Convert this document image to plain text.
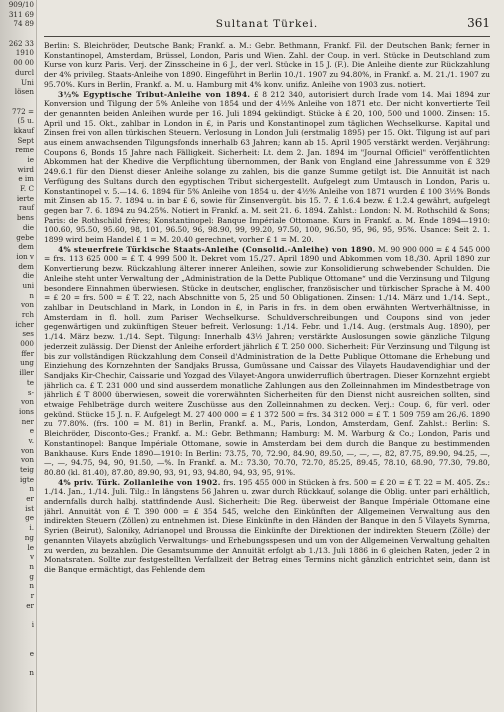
909/10
311 69
74 89
262 33
1910
00 00
durcl
Uni
lösen
772 =
(5 u.
kkauf
Sept
reme
ie
wird
e im
F. C
ierte
rauf
bens
die
gebe
dem
ion v
dem
die
uni
n
von
rch
icher
ses
000
ffer
ung
iller
te
s-
von
ions
ner
e
v.
von
von
teig
igte
n
er
ist
ge
i.
ng
le
v
n
g
n
r
er
i
e
n
Sultanat Türkei.	361

Berlin: S. Bleichröder, Deutsche Bank; Frankf. a. M.: Gebr. Bethmann, Frankf. Fil. der Deutschen Bank; ferner in Konstantinopel, Amsterdam, Brüssel, London, Paris und Wien. Zahl. der Coup. in verl. Stücke in Deutschland zum Kurse von kurz Paris. Verj. der Zinsscheine in 6 J., der verl. Stücke in 15 J. (F.). Die Anleihe diente zur Rückzahlung der 4% privileg. Staats-Anleihe von 1890. Eingeführt in Berlin 10./1. 1907 zu 94.80%, in Frankf. a. M. 21./1. 1907 zu 95.70%. Kurs in Berlin, Frankf. a. M. u. Hamburg mit 4% konv. unifiz. Anleihe von 1903 zus. notiert.

3½% Egyptische Tribut-Anleihe von 1894. £ 8 212 340, autorisiert durch Irade vom 14. Mai 1894 zur Konversion und Tilgung der 5% Anleihe von 1854 und der 4½% Anleihe von 1871 etc. Der nicht konvertierte Teil der genannten beiden Anleihen wurde per 16. Juli 1894 gekündigt. Stücke à £ 20, 100, 500 und 1000. Zinsen: 15. April und 15. Okt., zahlbar in London in £, in Paris und Konstantinopel zum täglichen Wechselkurse. Kapital und Zinsen frei von allen türkischen Steuern. Verlosung in London Juli (erstmalig 1895) per 15. Okt. Tilgung ist auf pari aus einem anwachsenden Tilgungsfonds innerhalb 63 Jahren; kann ab 15. April 1905 verstärkt werden. Verjährung: Coupons 6, Bonds 15 Jahre nach Fälligkeit. Sicherheit: Lt. dem 2. Jan. 1894 im "Journal Officiel" veröffentlichten Abkommen hat der Khedive die Verpflichtung übernommen, der Bank von England eine Jahressumme von £ 329 249.6.1 für den Dienst dieser Anleihe solange zu zahlen, bis die ganze Summe getilgt ist. Die Annuität ist nach Verfügung des Sultans durch den egyptischen Tribut sichergestellt. Aufgelegt zum Umtausch in London, Paris u. Konstantinopel v. 5.—14. 6. 1894 für 5% Anleihe von 1854 u. der 4½% Anleihe von 1871 wurden £ 100 3½% Bonds mit Zinsen ab 15. 7. 1894 u. in bar £ 6, sowie für Zinsenvergüt. bis 15. 7. £ 1.6.4 bezw. £ 1.2.4 gewährt, aufgelegt gegen bar 7. 6. 1894 zu 94.25%. Notiert in Frankf. a. M. seit 21. 6. 1894. Zahlst.: London: N. M. Rothschild & Sons; Paris: de Rothschild frères; Konstantinopel: Banque Impériale Ottomane. Kurs in Frankf. a. M. Ende 1894—1910: 100.60, 95.50, 95.60, 98, 101, 96.50, 96, 98.90, 99, 99.20, 97.50, 100, 96.50, 95, 96, 95, 95%. Usance: Seit 2. 1. 1899 wird beim Handel £ 1 = M. 20.40 gerechnet, vorher £ 1 = M. 20.

4% steuerfreie Türkische Staats-Anleihe (Consolid.-Anleihe) von 1890. M. 90 900 000 = £ 4 545 000 = frs. 113 625 000 = £ T. 4 999 500 lt. Dekret vom 15./27. April 1890 und Abkommen vom 18./30. April 1890 zur Konvertierung bezw. Rückzahlung älterer innerer Anleihen, sowie zur Konsolidierung schwebender Schulden. Die Anleihe steht unter Verwaltung der „Administration de la Dette Publique Ottomane“ und die Verzinsung und Tilgung besondere Einnahmen überwiesen. Stücke in deutscher, englischer, französischer und türkischer Sprache à M. 400 = £ 20 = frs. 500 = £ T. 22, nach Abschnitte von 5, 25 und 50 Obligationen. Zinsen: 1./14. März und 1./14. Sept., zahlbar in Deutschland in Mark, in London in £, in Paris in frs. in dem oben erwähnten Wertverhältnisse, in Amsterdam in fl. holl. zum Pariser Wechselkurse. Schuldverschreibungen und Coupons sind von jeder gegenwärtigen und zukünftigen Steuer befreit. Verlosung: 1./14. Febr. und 1./14. Aug. (erstmals Aug. 1890), per 1./14. März bezw. 1./14. Sept. Tilgung: Innerhalb 43½ Jahren; verstärkte Auslosungen sowie gänzliche Tilgung jederzeit zulässig. Der Dienst der Anleihe erfordert jährlich £ T. 250 000. Sicherheit: Für Verzinsung und Tilgung ist bis zur vollständigen Rückzahlung dem Conseil d'Administration de la Dette Publique Ottomane die Erhebung und Einziehung des Kornzehnten der Sandjaks Brussa, Gumüssane und Caissar des Vilayets Haudavendighiar und der Sandjaks Kir-Chechir, Caissarie und Yozgad des Vilayet-Angora unwiderruflich übertragen. Dieser Kornzehnt ergiebt jährlich ca. £ T. 231 000 und sind ausserdem monatliche Zahlungen aus den Zolleinnahmen im Mindestbetrage von jährlich £ T 8000 überwiesen, soweit die vorerwähnten Sicherheiten für den Dienst nicht ausreichen sollten, sind etwaige Fehlbeträge durch weitere Zuschüsse aus den Zolleinnahmen zu decken. Verj.: Coup. 6, für verl. oder gekünd. Stücke 15 J. n. F. Aufgelegt M. 27 400 000 = £ 1 372 500 = frs. 34 312 000 = £ T. 1 509 759 am 26./6. 1890 zu 77.80%. (frs. 100 = M. 81) in Berlin, Frankf. a. M., Paris, London, Amsterdam, Genf. Zahlst.: Berlin: S. Bleichröder, Disconto-Ges.; Frankf. a. M.: Gebr. Bethmann; Hamburg: M. M. Warburg & Co.; London, Paris und Konstantinopel: Banque Impériale Ottomane, sowie in Amsterdam bei dem durch die Banque zu bestimmenden Bankhause. Kurs Ende 1890—1910: In Berlin: 73.75, 70, 72.90, 84.90, 89.50, —, —, —, 82, 87.75, 89.90, 94.25, —, —, —, 94.75, 94, 90, 91.50, —%. In Frankf. a. M.: 73.30, 70.70, 72.70, 85.25, 89.45, 78.10, 68.90, 77.30, 79.80, 80.80 (kl. 81.40), 87.80, 89.90, 93, 91, 93, 94.80, 94, 93, 95, 91%.

4% priv. Türk. Zollanleihe von 1902. frs. 195 455 000 in Stücken à frs. 500 = £ 20 = £ T. 22 = M. 405. Zs.: 1./14. Jan., 1./14. Juli. Tilg.: In längstens 56 Jahren u. zwar durch Rückkauf, solange die Oblig. unter pari erhältlich, andernfalls durch halbj. stattfindende Ausl. Sicherheit: Die Reg. überweist der Banque Impériale Ottomane eine jährl. Annuität von £ T. 390 000 = £ 354 545, welche den Einkünften der Allgemeinen Verwaltung aus den indirekten Steuern (Zöllen) zu entnehmen ist. Diese Einkünfte in den Händen der Banque in den 5 Vilayets Symrna, Syrien (Beirut), Saloniky, Adrianopel und Broussa die Einkünfte der Direktionen der indirekten Steuern (Zölle) der genannten Vilayets abzüglich Verwaltungs- und Erhebungsspesen und um von der Allgemeinen Verwaltung gehalten zu werden, zu bezahlen. Die Gesamtsumme der Annuität erfolgt ab 1./13. Juli 1886 in 6 gleichen Raten, jeder 2 in Monatsraten. Sollte zur festgestellten Verfallzeit der Betrag eines Termins nicht gänzlich entrichtet sein, dann ist die Banque ermächtigt, das Fehlende dem
